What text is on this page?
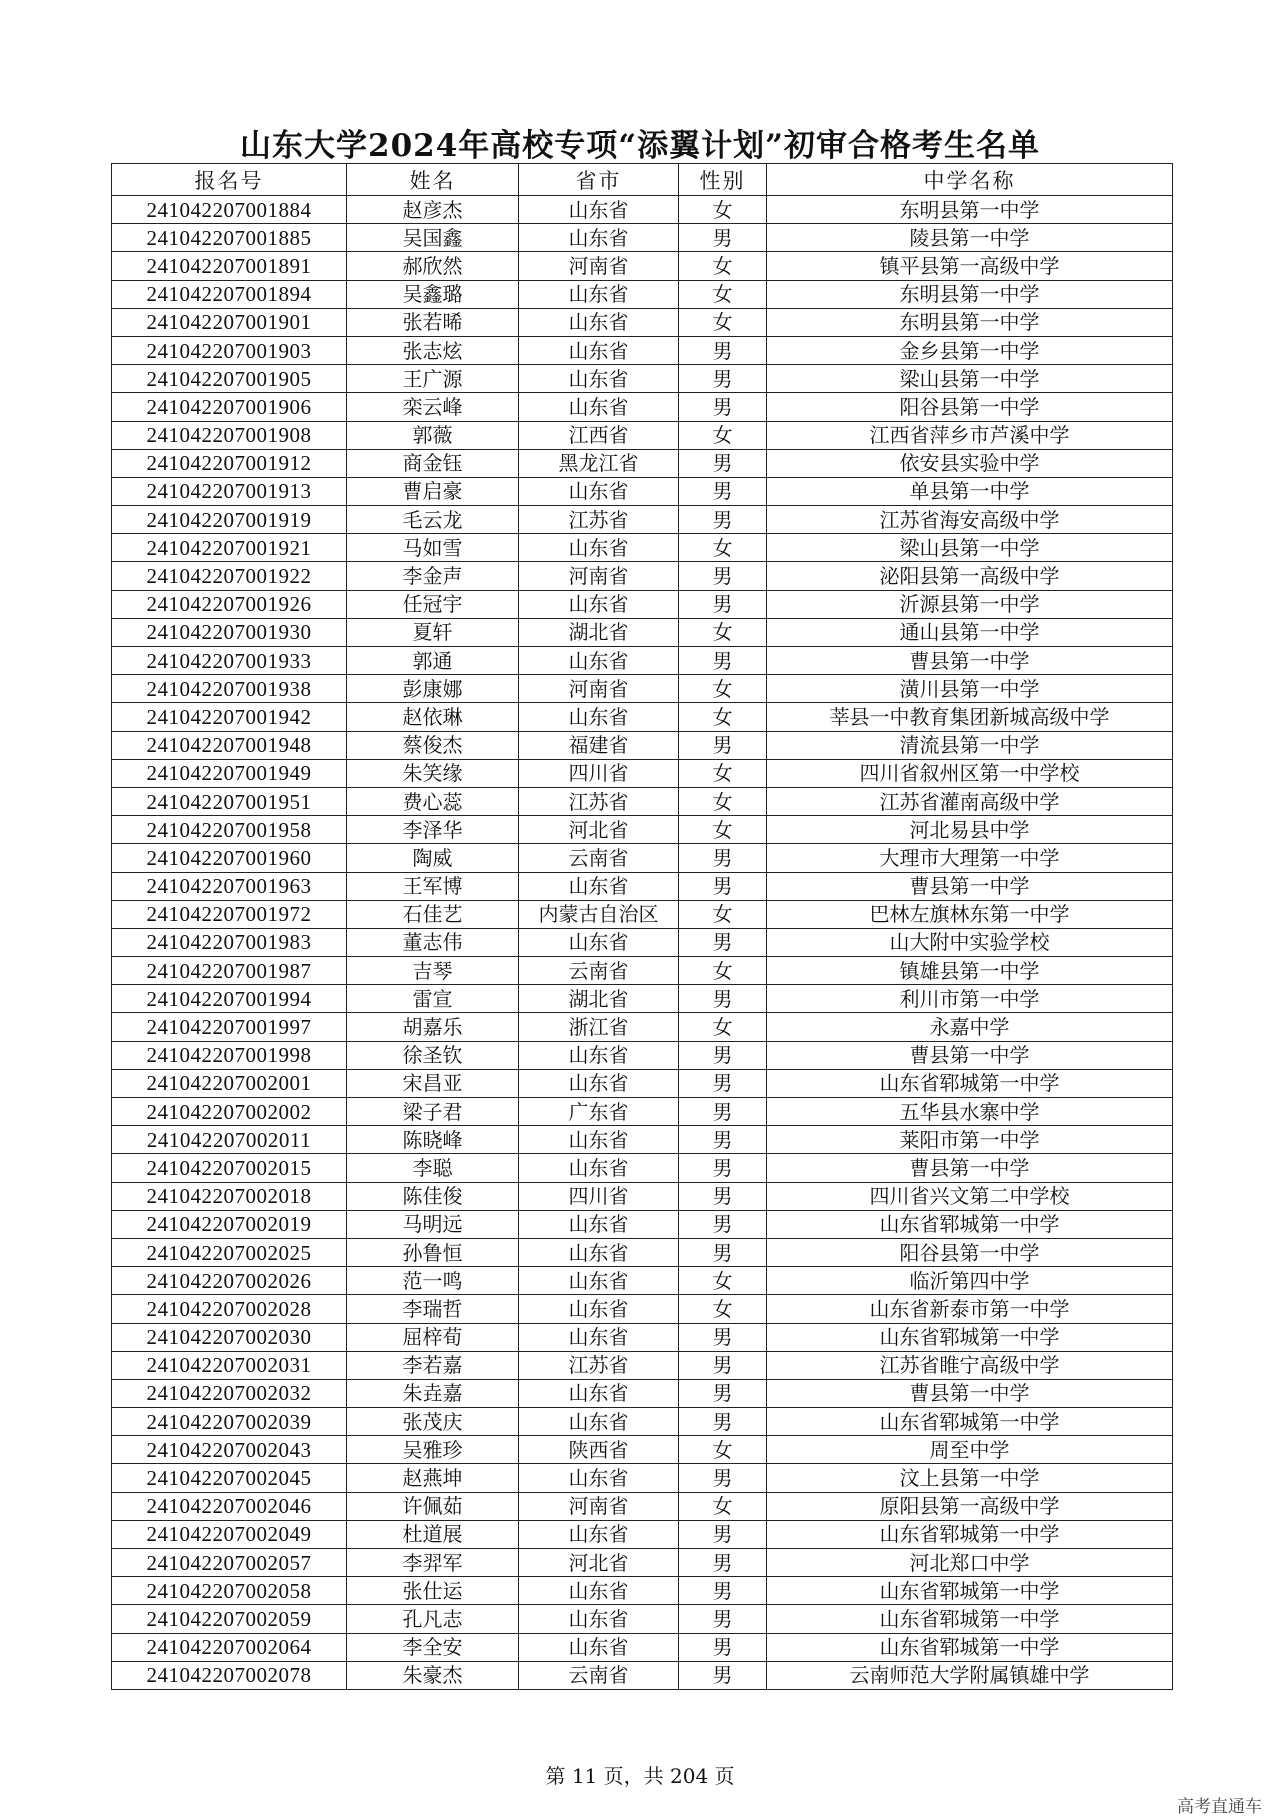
山东大学2024年高校专项“添翼计划”初审合格考生名单
报名号	姓名	省市	性别	中学名称
241042207001884	赵彦杰	山东省	女	东明县第一中学
241042207001885	吴国鑫	山东省	男	陵县第一中学
241042207001891	郝欣然	河南省	女	镇平县第一高级中学
241042207001894	吴鑫璐	山东省	女	东明县第一中学
241042207001901	张若晞	山东省	女	东明县第一中学
241042207001903	张志炫	山东省	男	金乡县第一中学
241042207001905	王广源	山东省	男	梁山县第一中学
241042207001906	栾云峰	山东省	男	阳谷县第一中学
241042207001908	郭薇	江西省	女	江西省萍乡市芦溪中学
241042207001912	商金钰	黑龙江省	男	依安县实验中学
241042207001913	曹启豪	山东省	男	单县第一中学
241042207001919	毛云龙	江苏省	男	江苏省海安高级中学
241042207001921	马如雪	山东省	女	梁山县第一中学
241042207001922	李金声	河南省	男	泌阳县第一高级中学
241042207001926	任冠宇	山东省	男	沂源县第一中学
241042207001930	夏轩	湖北省	女	通山县第一中学
241042207001933	郭通	山东省	男	曹县第一中学
241042207001938	彭康娜	河南省	女	潢川县第一中学
241042207001942	赵依琳	山东省	女	莘县一中教育集团新城高级中学
241042207001948	蔡俊杰	福建省	男	清流县第一中学
241042207001949	朱笑缘	四川省	女	四川省叙州区第一中学校
241042207001951	费心蕊	江苏省	女	江苏省灌南高级中学
241042207001958	李泽华	河北省	女	河北易县中学
241042207001960	陶威	云南省	男	大理市大理第一中学
241042207001963	王军博	山东省	男	曹县第一中学
241042207001972	石佳艺	内蒙古自治区	女	巴林左旗林东第一中学
241042207001983	董志伟	山东省	男	山大附中实验学校
241042207001987	吉琴	云南省	女	镇雄县第一中学
241042207001994	雷宣	湖北省	男	利川市第一中学
241042207001997	胡嘉乐	浙江省	女	永嘉中学
241042207001998	徐圣钦	山东省	男	曹县第一中学
241042207002001	宋昌亚	山东省	男	山东省郓城第一中学
241042207002002	梁子君	广东省	男	五华县水寨中学
241042207002011	陈晓峰	山东省	男	莱阳市第一中学
241042207002015	李聪	山东省	男	曹县第一中学
241042207002018	陈佳俊	四川省	男	四川省兴文第二中学校
241042207002019	马明远	山东省	男	山东省郓城第一中学
241042207002025	孙鲁恒	山东省	男	阳谷县第一中学
241042207002026	范一鸣	山东省	女	临沂第四中学
241042207002028	李瑞哲	山东省	女	山东省新泰市第一中学
241042207002030	屈梓荀	山东省	男	山东省郓城第一中学
241042207002031	李若嘉	江苏省	男	江苏省睢宁高级中学
241042207002032	朱垚嘉	山东省	男	曹县第一中学
241042207002039	张茂庆	山东省	男	山东省郓城第一中学
241042207002043	吴雅珍	陕西省	女	周至中学
241042207002045	赵燕坤	山东省	男	汶上县第一中学
241042207002046	许佩茹	河南省	女	原阳县第一高级中学
241042207002049	杜道展	山东省	男	山东省郓城第一中学
241042207002057	李羿军	河北省	男	河北郑口中学
241042207002058	张仕运	山东省	男	山东省郓城第一中学
241042207002059	孔凡志	山东省	男	山东省郓城第一中学
241042207002064	李全安	山东省	男	山东省郓城第一中学
241042207002078	朱豪杰	云南省	男	云南师范大学附属镇雄中学
第 11 页，共 204 页
高考直通车
